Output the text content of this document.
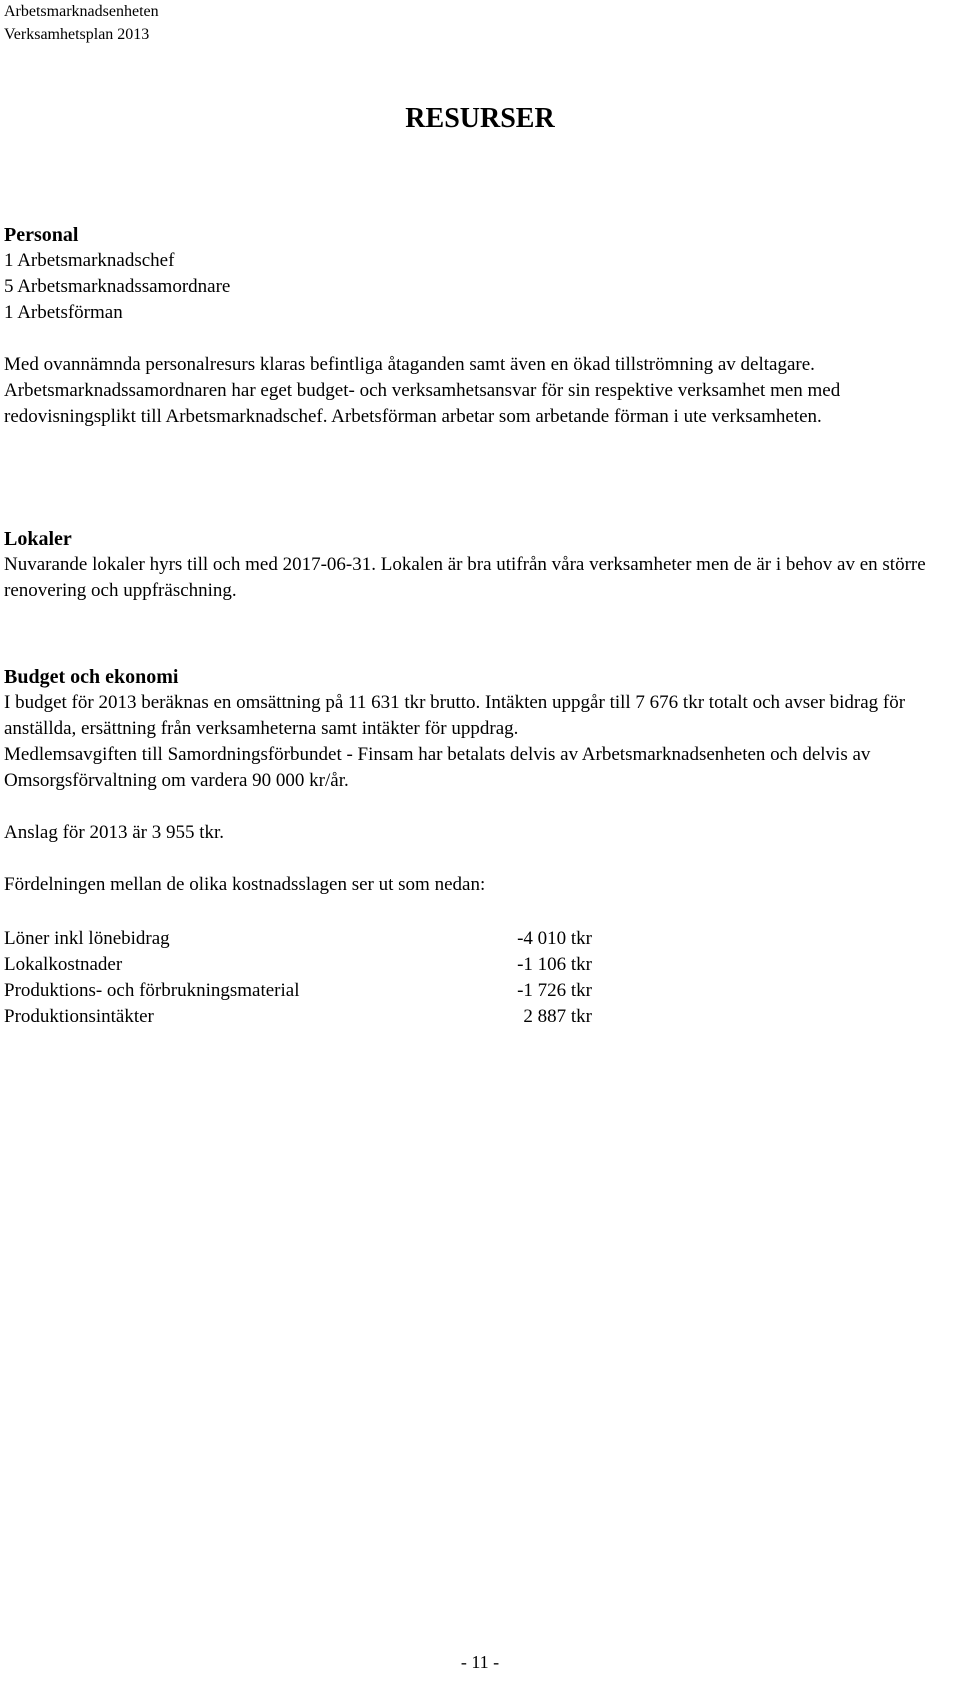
Arbetsmarknadsenheten
Verksamhetsplan 2013
RESURSER
Personal
1 Arbetsmarknadschef
5 Arbetsmarknadssamordnare
1 Arbetsförman

Med ovannämnda personalresurs klaras befintliga åtaganden samt även en ökad tillströmning av deltagare. Arbetsmarknadssamordnaren har eget budget- och verksamhetsansvar för sin respektive verksamhet men med redovisningsplikt till Arbetsmarknadschef. Arbetsförman arbetar som arbetande förman i ute verksamheten.

Lokaler

Nuvarande lokaler hyrs till och med 2017-06-31. Lokalen är bra utifrån våra verksamheter men de är i behov av en större renovering och uppfräschning.

Budget och ekonomi

I budget för 2013 beräknas en omsättning på 11 631 tkr brutto. Intäkten uppgår till 7 676 tkr totalt och avser bidrag för anställda, ersättning från verksamheterna samt intäkter för uppdrag.

Medlemsavgiften till Samordningsförbundet - Finsam har betalats delvis av Arbetsmarknadsenheten och delvis av Omsorgsförvaltning om vardera 90 000 kr/år.

Anslag för 2013 är 3 955 tkr.

Fördelningen mellan de olika kostnadsslagen ser ut som nedan:

Löner inkl lönebidrag	-4 010 tkr
Lokalkostnader	-1 106 tkr
Produktions- och förbrukningsmaterial	-1 726 tkr
Produktionsintäkter	2 887 tkr
- 11 -
